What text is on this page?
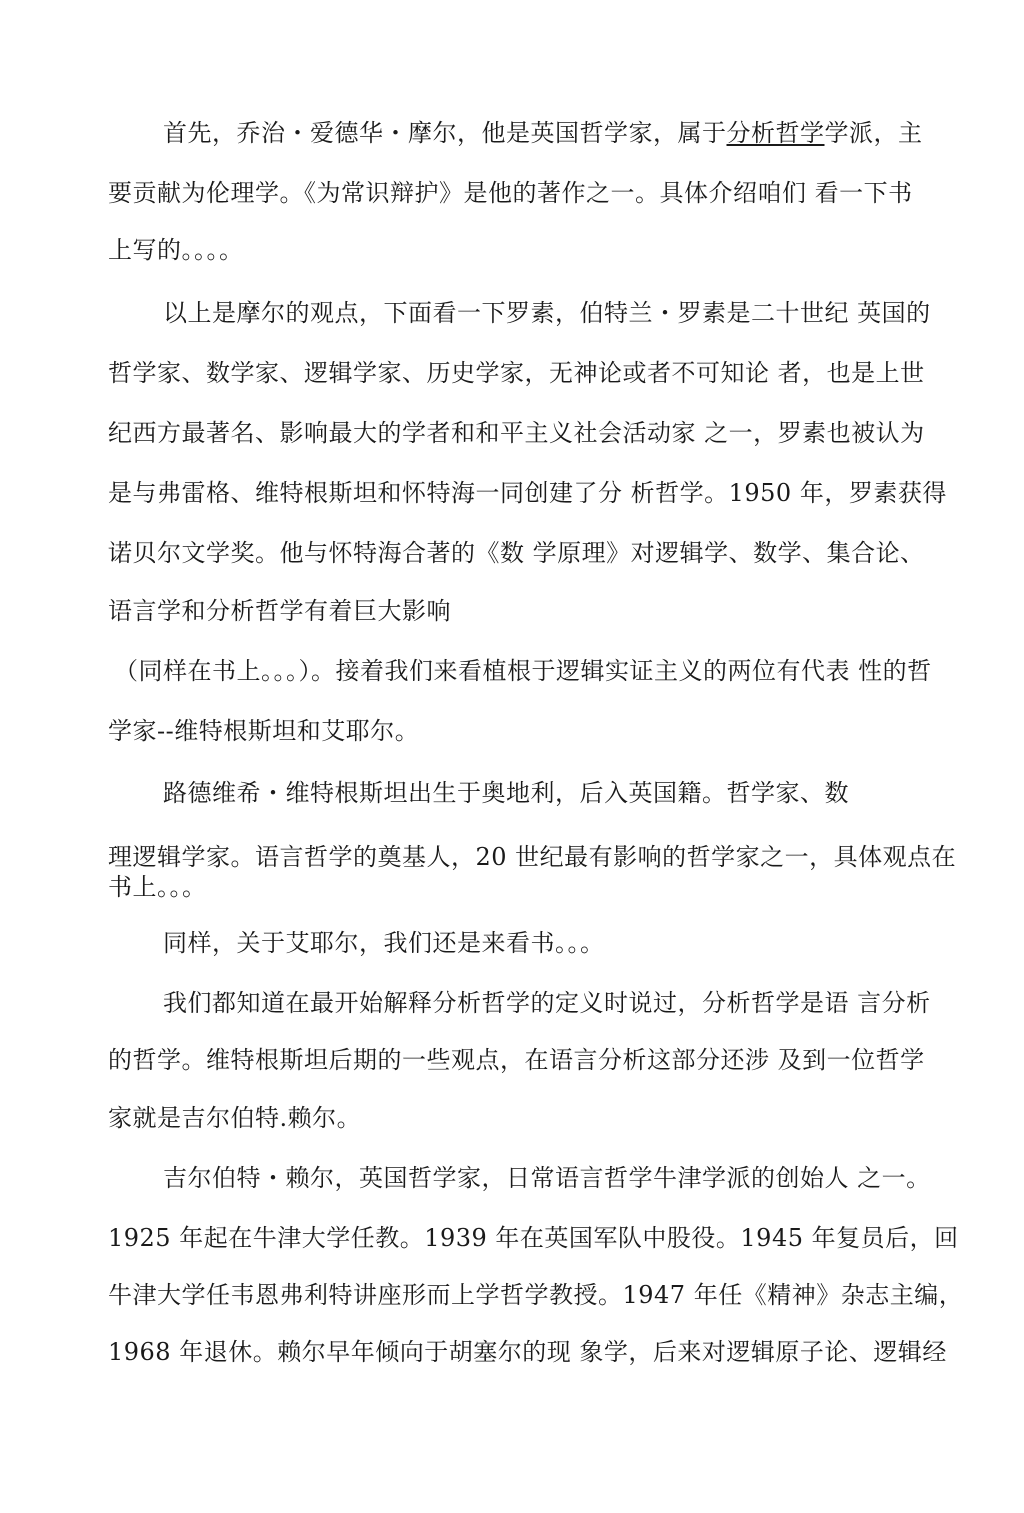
首先，乔治・爱德华・摩尔，他是英国哲学家，属于分析哲学学派，主
要贡献为伦理学。《为常识辩护》是他的著作之一。具体介绍咱们 看一下书
上写的。。。。
以上是摩尔的观点，下面看一下罗素，伯特兰・罗素是二十世纪 英国的
哲学家、数学家、逻辑学家、历史学家，无神论或者不可知论 者，也是上世
纪西方最著名、影响最大的学者和和平主义社会活动家 之一，罗素也被认为
是与弗雷格、维特根斯坦和怀特海一同创建了分 析哲学。1950 年，罗素获得
诺贝尔文学奖。他与怀特海合著的《数 学原理》对逻辑学、数学、集合论、
语言学和分析哲学有着巨大影响
（同样在书上。。。）。接着我们来看植根于逻辑实证主义的两位有代表 性的哲
学家--维特根斯坦和艾耶尔。
路德维希・维特根斯坦出生于奥地利，后入英国籍。哲学家、数
理逻辑学家。语言哲学的奠基人，20 世纪最有影响的哲学家之一，具体观点在
书上。。。
同样，关于艾耶尔，我们还是来看书。。。
我们都知道在最开始解释分析哲学的定义时说过，分析哲学是语 言分析
的哲学。维特根斯坦后期的一些观点，在语言分析这部分还涉 及到一位哲学
家就是吉尔伯特.赖尔。
吉尔伯特・赖尔，英国哲学家，日常语言哲学牛津学派的创始人 之一。
1925 年起在牛津大学任教。1939 年在英国军队中股役。1945 年复员后，回
牛津大学任韦恩弗利特讲座形而上学哲学教授。1947 年任《精神》杂志主编，
1968 年退休。赖尔早年倾向于胡塞尔的现 象学，后来对逻辑原子论、逻辑经
